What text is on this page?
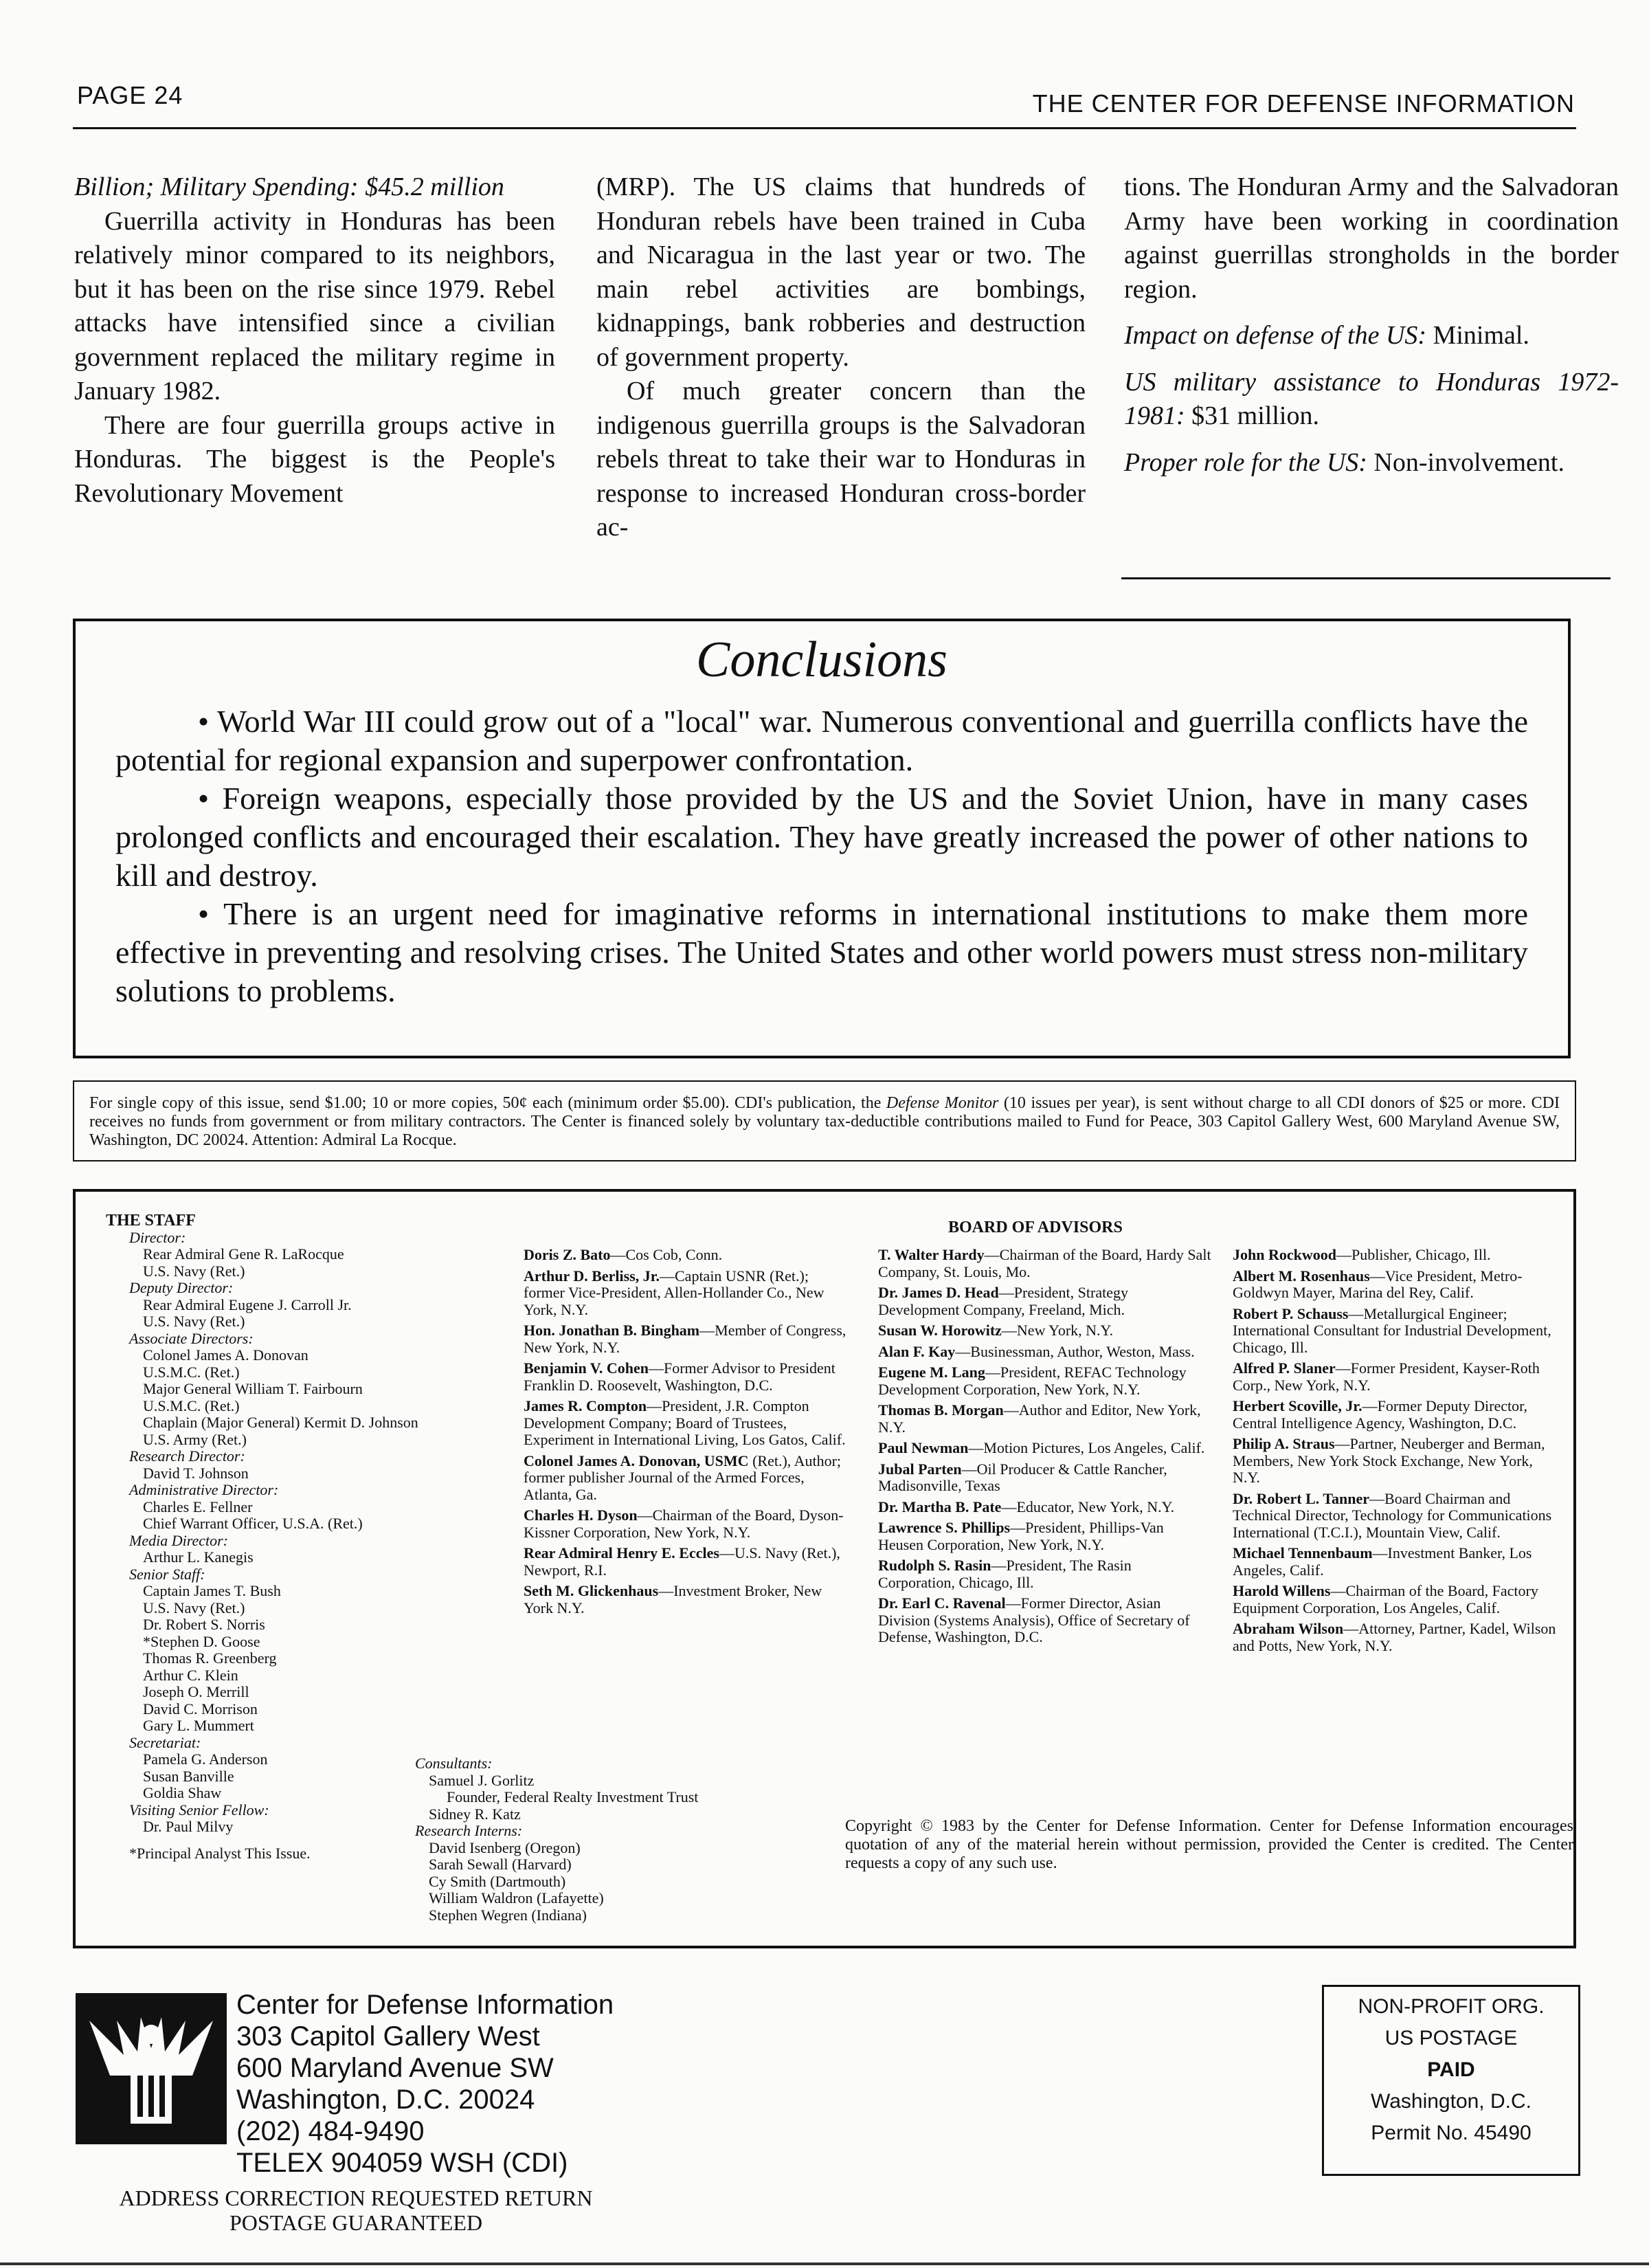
PAGE 24	THE CENTER FOR DEFENSE INFORMATION

Billion; Military Spending: $45.2 million

Guerrilla activity in Honduras has been relatively minor compared to its neighbors, but it has been on the rise since 1979. Rebel attacks have intensified since a civilian government replaced the military regime in January 1982.

There are four guerrilla groups active in Honduras. The biggest is the People's Revolutionary Movement

(MRP). The US claims that hundreds of Honduran rebels have been trained in Cuba and Nicaragua in the last year or two. The main rebel activities are bombings, kidnappings, bank robberies and destruction of government property.

Of much greater concern than the indigenous guerrilla groups is the Salvadoran rebels threat to take their war to Honduras in response to increased Honduran cross-border ac-

tions. The Honduran Army and the Salvadoran Army have been working in coordination against guerrillas strongholds in the border region.

Impact on defense of the US: Minimal.

US military assistance to Honduras 1972-1981: $31 million.

Proper role for the US: Non-involvement.

Conclusions

• World War III could grow out of a "local" war. Numerous conventional and guerrilla conflicts have the potential for regional expansion and superpower confrontation.

• Foreign weapons, especially those provided by the US and the Soviet Union, have in many cases prolonged conflicts and encouraged their escalation. They have greatly increased the power of other nations to kill and destroy.

• There is an urgent need for imaginative reforms in international institutions to make them more effective in preventing and resolving crises. The United States and other world powers must stress non-military solutions to problems.

For single copy of this issue, send $1.00; 10 or more copies, 50¢ each (minimum order $5.00). CDI's publication, the Defense Monitor (10 issues per year), is sent without charge to all CDI donors of $25 or more. CDI receives no funds from government or from military contractors. The Center is financed solely by voluntary tax-deductible contributions mailed to Fund for Peace, 303 Capitol Gallery West, 600 Maryland Avenue SW, Washington, DC 20024. Attention: Admiral La Rocque.
THE STAFF
Director:
Rear Admiral Gene R. LaRocque
U.S. Navy (Ret.)
Deputy Director:
Rear Admiral Eugene J. Carroll Jr.
U.S. Navy (Ret.)
Associate Directors:
Colonel James A. Donovan
U.S.M.C. (Ret.)
Major General William T. Fairbourn
U.S.M.C. (Ret.)
Chaplain (Major General) Kermit D. Johnson
U.S. Army (Ret.)
Research Director:
David T. Johnson
Administrative Director:
Charles E. Fellner
Chief Warrant Officer, U.S.A. (Ret.)
Media Director:
Arthur L. Kanegis
Senior Staff:
Captain James T. Bush
U.S. Navy (Ret.)
Dr. Robert S. Norris
*Stephen D. Goose
Thomas R. Greenberg
Arthur C. Klein
Joseph O. Merrill
David C. Morrison
Gary L. Mummert
Secretariat:
Pamela G. Anderson
Susan Banville
Goldia Shaw
Visiting Senior Fellow:
Dr. Paul Milvy
*Principal Analyst This Issue.
Consultants:
Samuel J. Gorlitz
Founder, Federal Realty Investment Trust
Sidney R. Katz
Research Interns:
David Isenberg (Oregon)
Sarah Sewall (Harvard)
Cy Smith (Dartmouth)
William Waldron (Lafayette)
Stephen Wegren (Indiana)
BOARD OF ADVISORS
Doris Z. Bato—Cos Cob, Conn.
Arthur D. Berliss, Jr.—Captain USNR (Ret.); former Vice-President, Allen-Hollander Co., New York, N.Y.
Hon. Jonathan B. Bingham—Member of Congress, New York, N.Y.
Benjamin V. Cohen—Former Advisor to President Franklin D. Roosevelt, Washington, D.C.
James R. Compton—President, J.R. Compton Development Company; Board of Trustees, Experiment in International Living, Los Gatos, Calif.
Colonel James A. Donovan, USMC (Ret.), Author; former publisher Journal of the Armed Forces, Atlanta, Ga.
Charles H. Dyson—Chairman of the Board, Dyson-Kissner Corporation, New York, N.Y.
Rear Admiral Henry E. Eccles—U.S. Navy (Ret.), Newport, R.I.
Seth M. Glickenhaus—Investment Broker, New York N.Y.
T. Walter Hardy—Chairman of the Board, Hardy Salt Company, St. Louis, Mo.
Dr. James D. Head—President, Strategy Development Company, Freeland, Mich.
Susan W. Horowitz—New York, N.Y.
Alan F. Kay—Businessman, Author, Weston, Mass.
Eugene M. Lang—President, REFAC Technology Development Corporation, New York, N.Y.
Thomas B. Morgan—Author and Editor, New York, N.Y.
Paul Newman—Motion Pictures, Los Angeles, Calif.
Jubal Parten—Oil Producer & Cattle Rancher, Madisonville, Texas
Dr. Martha B. Pate—Educator, New York, N.Y.
Lawrence S. Phillips—President, Phillips-Van Heusen Corporation, New York, N.Y.
Rudolph S. Rasin—President, The Rasin Corporation, Chicago, Ill.
Dr. Earl C. Ravenal—Former Director, Asian Division (Systems Analysis), Office of Secretary of Defense, Washington, D.C.
John Rockwood—Publisher, Chicago, Ill.
Albert M. Rosenhaus—Vice President, Metro-Goldwyn Mayer, Marina del Rey, Calif.
Robert P. Schauss—Metallurgical Engineer; International Consultant for Industrial Development, Chicago, Ill.
Alfred P. Slaner—Former President, Kayser-Roth Corp., New York, N.Y.
Herbert Scoville, Jr.—Former Deputy Director, Central Intelligence Agency, Washington, D.C.
Philip A. Straus—Partner, Neuberger and Berman, Members, New York Stock Exchange, New York, N.Y.
Dr. Robert L. Tanner—Board Chairman and Technical Director, Technology for Communications International (T.C.I.), Mountain View, Calif.
Michael Tennenbaum—Investment Banker, Los Angeles, Calif.
Harold Willens—Chairman of the Board, Factory Equipment Corporation, Los Angeles, Calif.
Abraham Wilson—Attorney, Partner, Kadel, Wilson and Potts, New York, N.Y.
Copyright © 1983 by the Center for Defense Information. Center for Defense Information encourages quotation of any of the material herein without permission, provided the Center is credited. The Center requests a copy of any such use.
Center for Defense Information
303 Capitol Gallery West
600 Maryland Avenue SW
Washington, D.C. 20024
(202) 484-9490
TELEX 904059 WSH (CDI)
ADDRESS CORRECTION REQUESTED RETURN
POSTAGE GUARANTEED
NON-PROFIT ORG.
US POSTAGE
PAID
Washington, D.C.
Permit No. 45490
